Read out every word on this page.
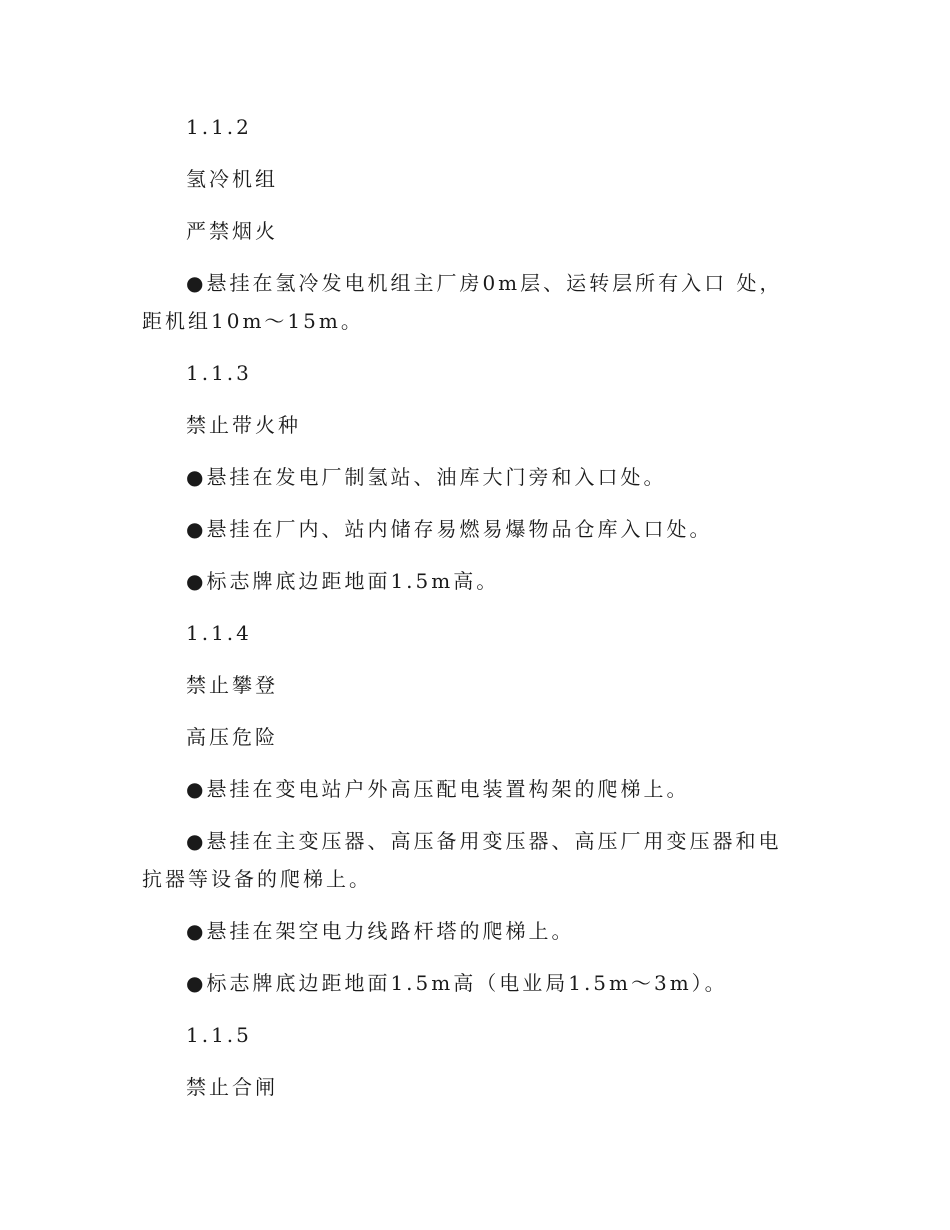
1.1.2

氢冷机组

严禁烟火

●悬挂在氢冷发电机组主厂房0m层、运转层所有入口 处，距机组10m～15m。

1.1.3

禁止带火种

●悬挂在发电厂制氢站、油库大门旁和入口处。

●悬挂在厂内、站内储存易燃易爆物品仓库入口处。

●标志牌底边距地面1.5m高。

1.1.4

禁止攀登

高压危险

●悬挂在变电站户外高压配电装置构架的爬梯上。

●悬挂在主变压器、高压备用变压器、高压厂用变压器和电抗器等设备的爬梯上。

●悬挂在架空电力线路杆塔的爬梯上。

●标志牌底边距地面1.5m高（电业局1.5m～3m）。

1.1.5

禁止合闸
